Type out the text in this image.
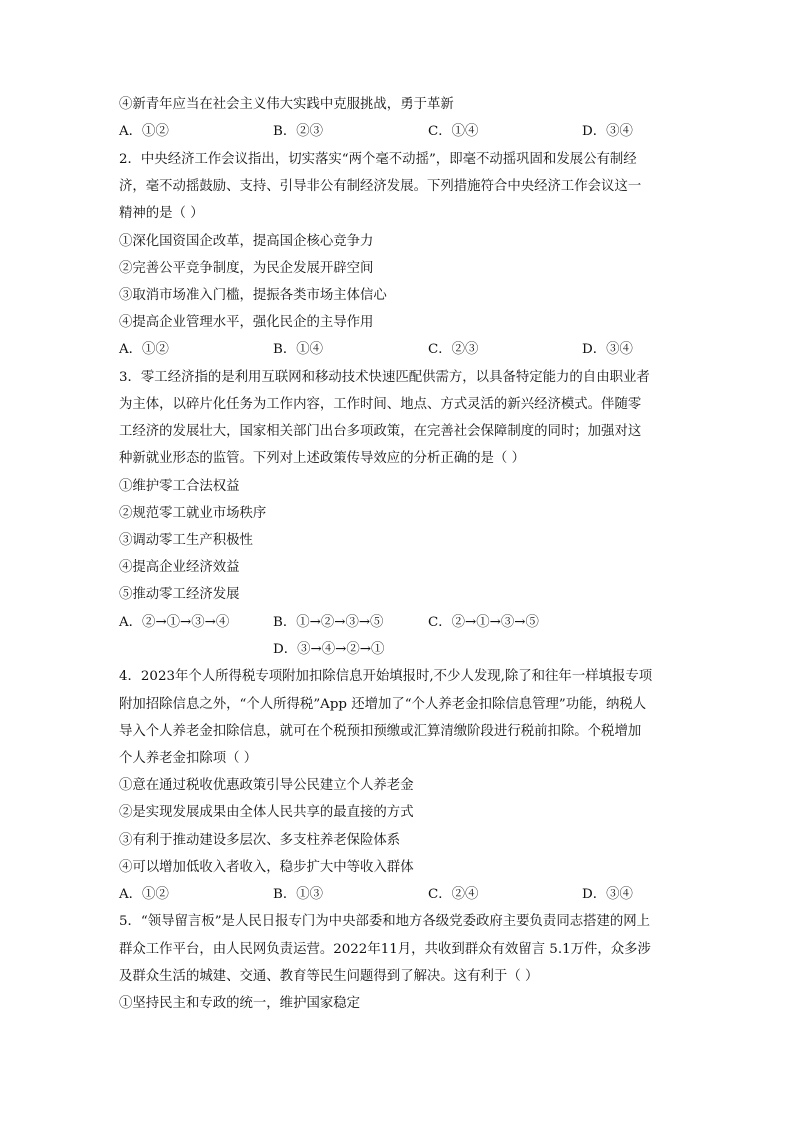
④新青年应当在社会主义伟大实践中克服挑战，勇于革新
A．①②	B．②③	C．①④	D．③④
2．中央经济工作会议指出，切实落实“两个毫不动摇”，即毫不动摇巩固和发展公有制经
济，毫不动摇鼓励、支持、引导非公有制经济发展。下列措施符合中央经济工作会议这一
精神的是（ ）
①深化国资国企改革，提高国企核心竞争力
②完善公平竞争制度，为民企发展开辟空间
③取消市场准入门槛，提振各类市场主体信心
④提高企业管理水平，强化民企的主导作用
A．①②	B．①④	C．②③	D．③④
3．零工经济指的是利用互联网和移动技术快速匹配供需方，以具备特定能力的自由职业者
为主体，以碎片化任务为工作内容，工作时间、地点、方式灵活的新兴经济模式。伴随零
工经济的发展壮大，国家相关部门出台多项政策，在完善社会保障制度的同时；加强对这
种新就业形态的监管。下列对上述政策传导效应的分析正确的是（ ）
①维护零工合法权益
②规范零工就业市场秩序
③调动零工生产积极性
④提高企业经济效益
⑤推动零工经济发展
A．②→①→③→④	B．①→②→③→⑤	C．②→①→③→⑤
D．③→④→②→①
4．2023年个人所得税专项附加扣除信息开始填报时,不少人发现,除了和往年一样填报专项
附加招除信息之外，“个人所得税”App 还增加了“个人养老金扣除信息管理”功能，纳税人
导入个人养老金扣除信息，就可在个税预扣预缴或汇算清缴阶段进行税前扣除。个税增加
个人养老金扣除项（ ）
①意在通过税收优惠政策引导公民建立个人养老金
②是实现发展成果由全体人民共享的最直接的方式
③有利于推动建设多层次、多支柱养老保险体系
④可以增加低收入者收入，稳步扩大中等收入群体
A．①②	B．①③	C．②④	D．③④
5．“领导留言板”是人民日报专门为中央部委和地方各级党委政府主要负责同志搭建的网上
群众工作平台，由人民网负责运营。2022年11月，共收到群众有效留言 5.1万件，众多涉
及群众生活的城建、交通、教育等民生问题得到了解决。这有利于（ ）
①坚持民主和专政的统一，维护国家稳定
